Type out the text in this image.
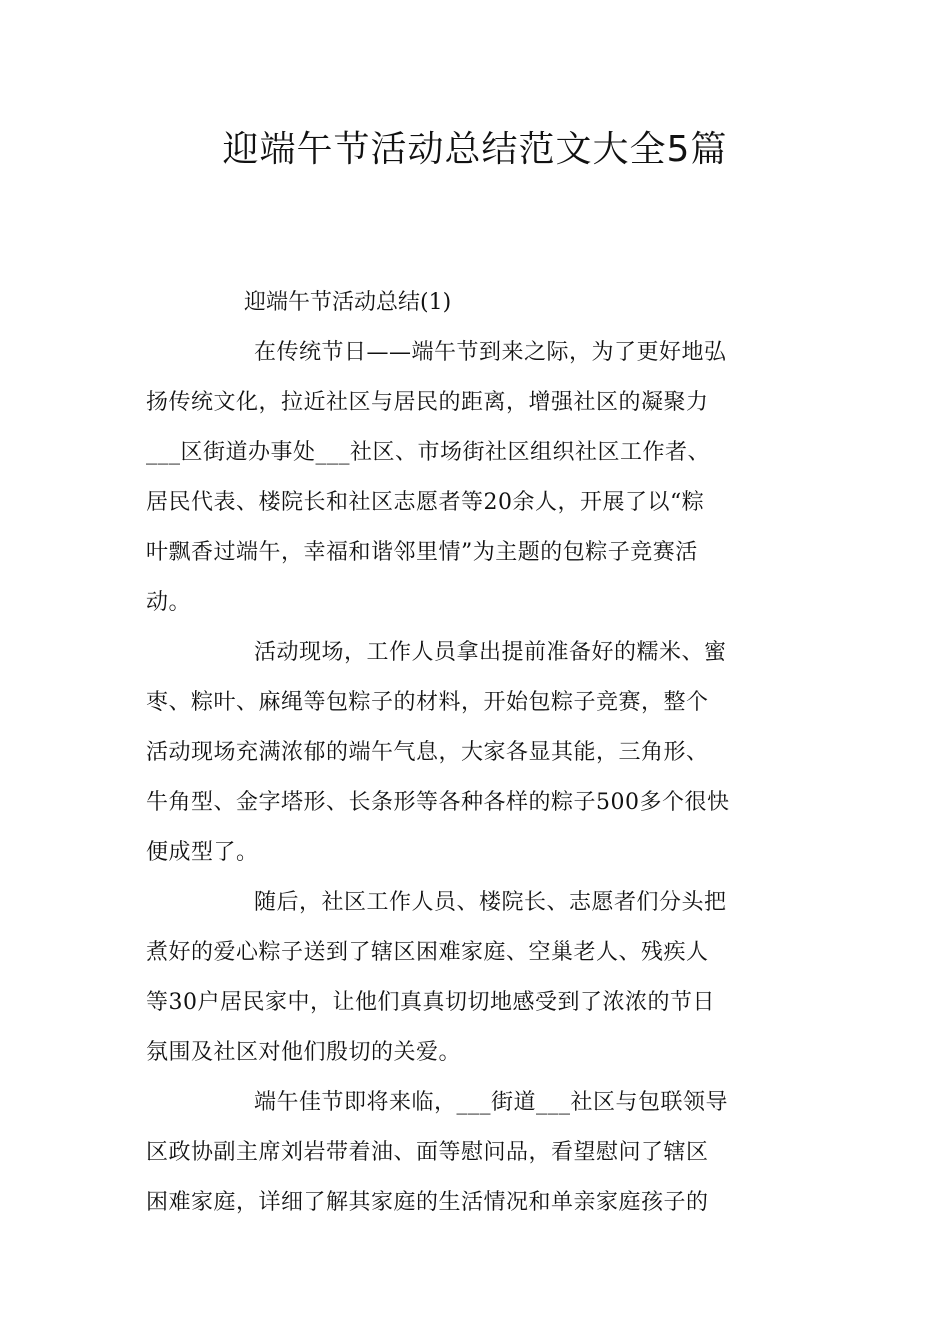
迎端午节活动总结范文大全5篇

迎端午节活动总结(1)

在传统节日——端午节到来之际，为了更好地弘
扬传统文化，拉近社区与居民的距离，增强社区的凝聚力
___区街道办事处___社区、市场街社区组织社区工作者、
居民代表、楼院长和社区志愿者等20余人，开展了以“粽
叶飘香过端午，幸福和谐邻里情”为主题的包粽子竞赛活
动。

活动现场，工作人员拿出提前准备好的糯米、蜜
枣、粽叶、麻绳等包粽子的材料，开始包粽子竞赛，整个
活动现场充满浓郁的端午气息，大家各显其能，三角形、
牛角型、金字塔形、长条形等各种各样的粽子500多个很快
便成型了。

随后，社区工作人员、楼院长、志愿者们分头把
煮好的爱心粽子送到了辖区困难家庭、空巢老人、残疾人
等30户居民家中，让他们真真切切地感受到了浓浓的节日
氛围及社区对他们殷切的关爱。

端午佳节即将来临，___街道___社区与包联领导
区政协副主席刘岩带着油、面等慰问品，看望慰问了辖区
困难家庭，详细了解其家庭的生活情况和单亲家庭孩子的
